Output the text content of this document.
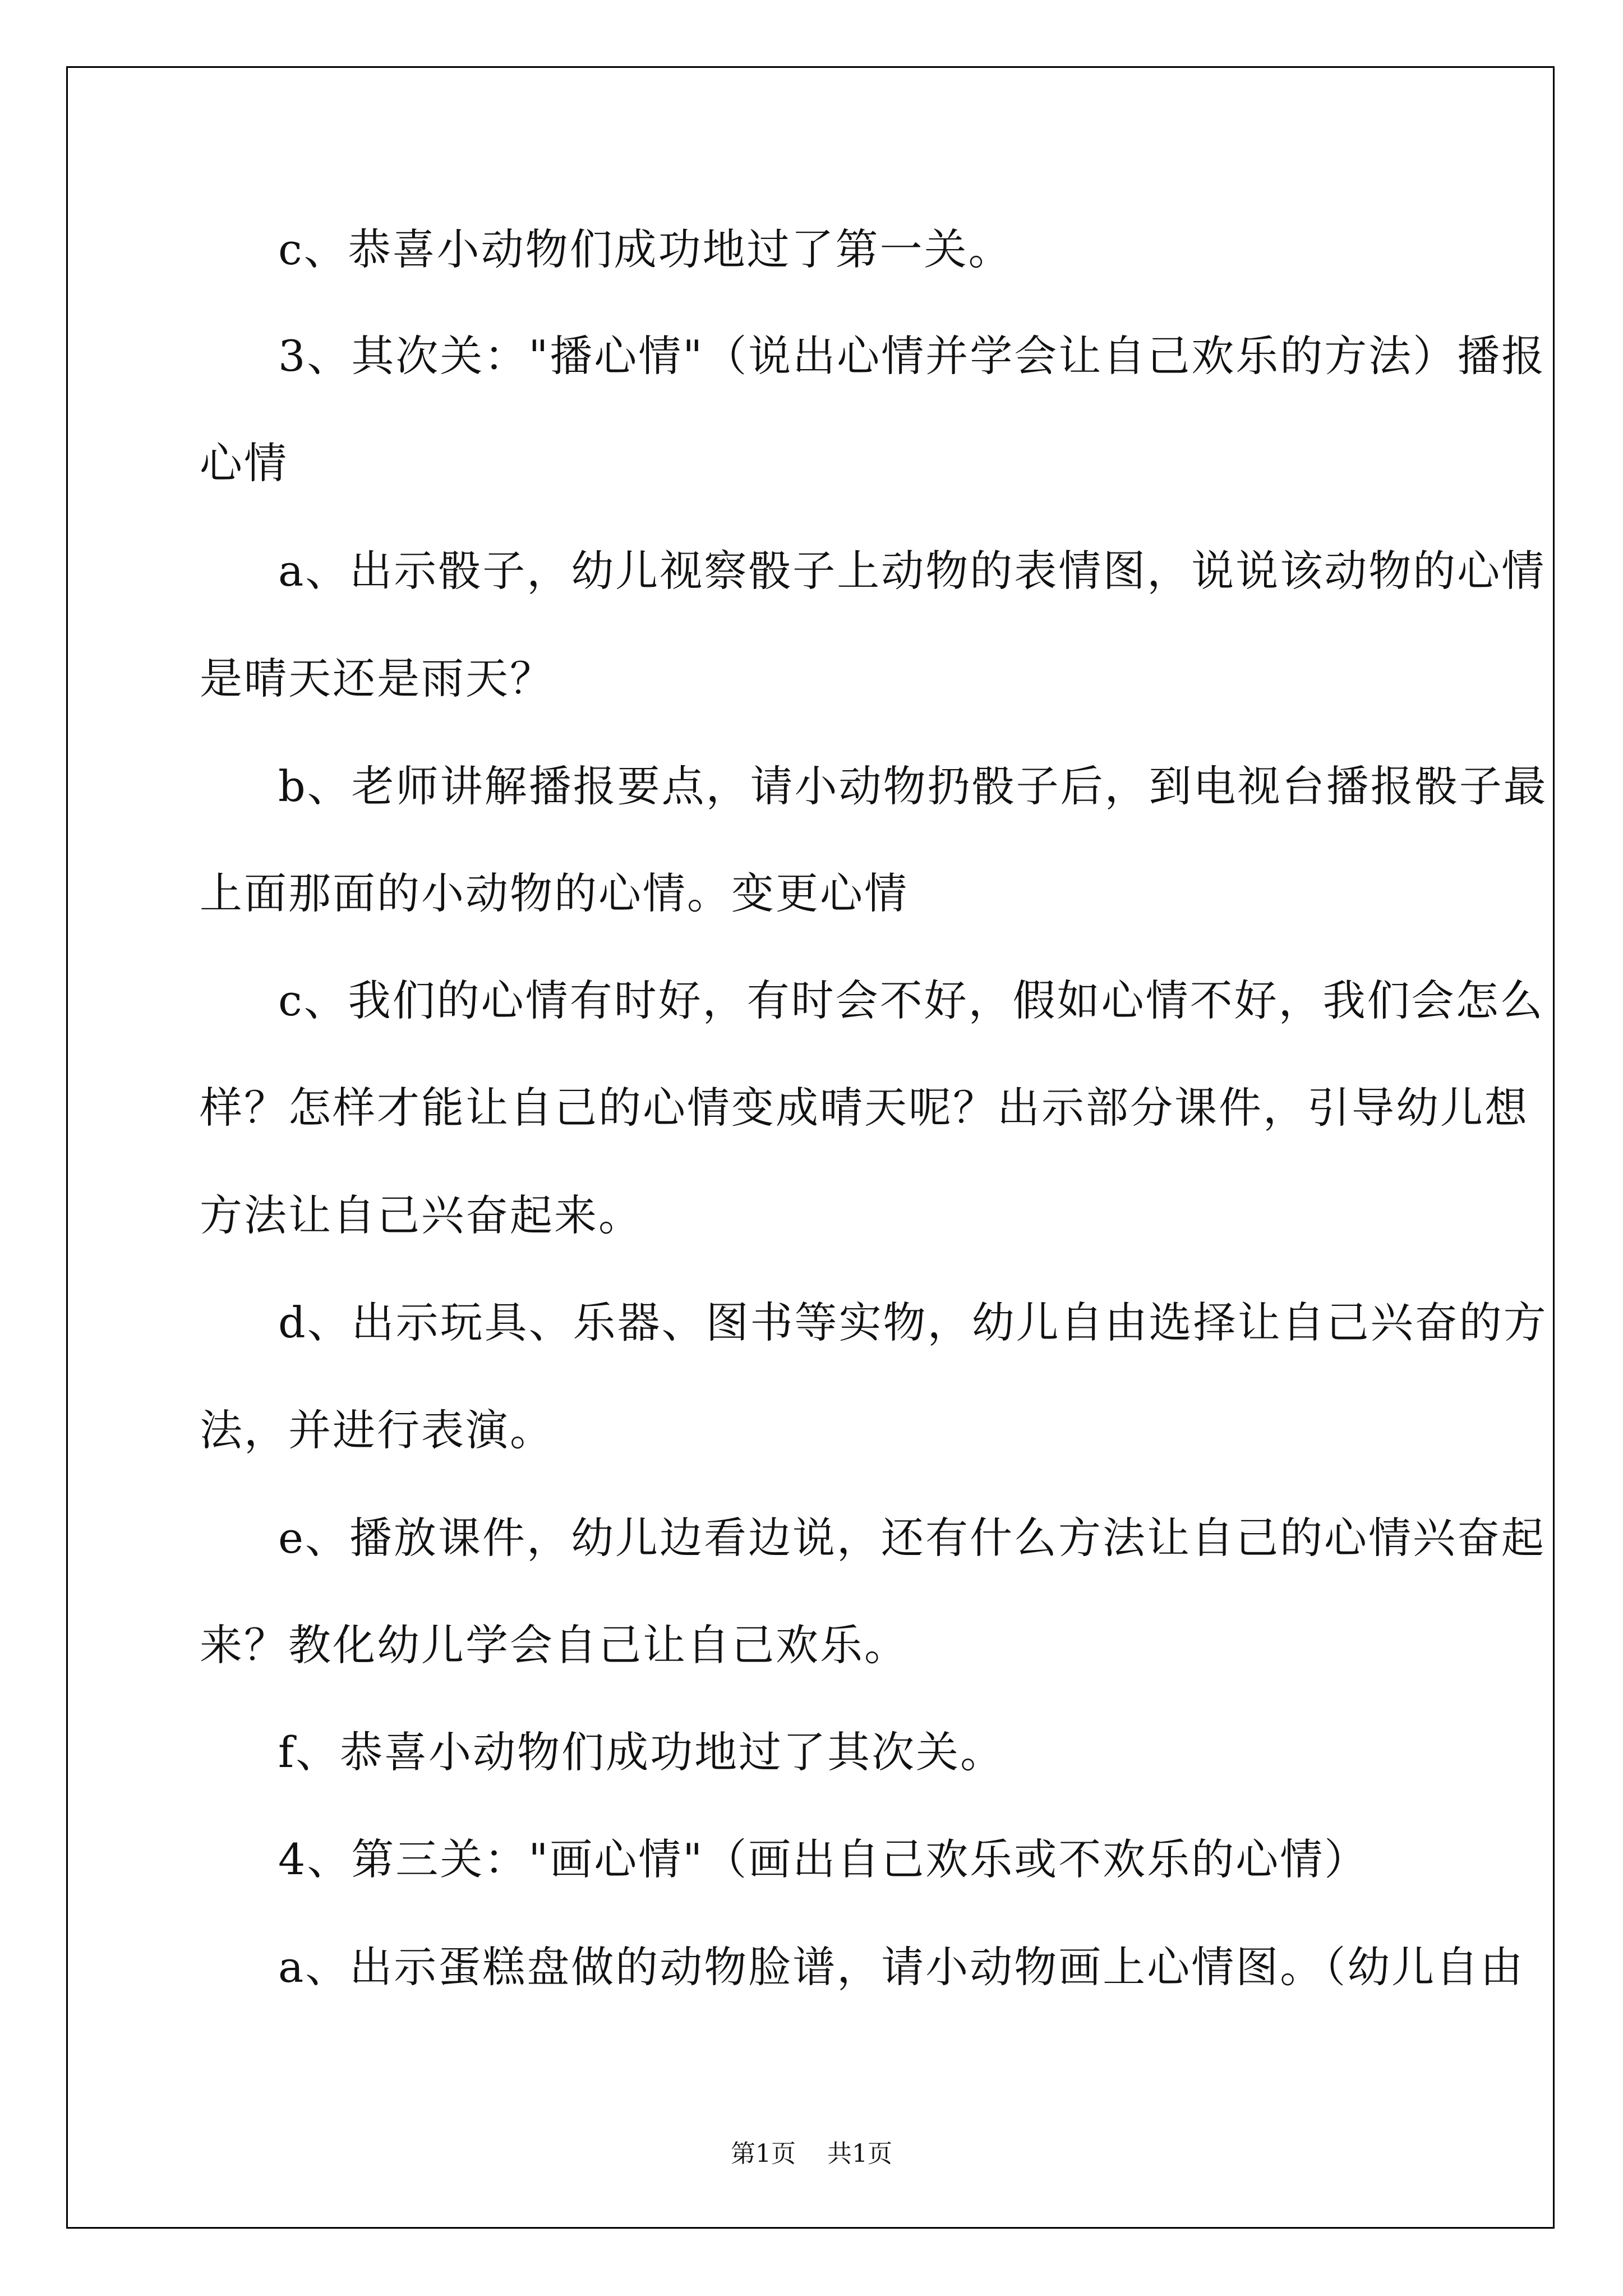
c、恭喜小动物们成功地过了第一关。
3、其次关："播心情"（说出心情并学会让自己欢乐的方法）播报
心情
a、出示骰子，幼儿视察骰子上动物的表情图，说说该动物的心情
是晴天还是雨天？
b、老师讲解播报要点，请小动物扔骰子后，到电视台播报骰子最
上面那面的小动物的心情。变更心情
c、我们的心情有时好，有时会不好，假如心情不好，我们会怎么
样？怎样才能让自己的心情变成晴天呢？出示部分课件，引导幼儿想
方法让自己兴奋起来。
d、出示玩具、乐器、图书等实物，幼儿自由选择让自己兴奋的方
法，并进行表演。
e、播放课件，幼儿边看边说，还有什么方法让自己的心情兴奋起
来？教化幼儿学会自己让自己欢乐。
f、恭喜小动物们成功地过了其次关。
4、第三关："画心情"（画出自己欢乐或不欢乐的心情）
a、出示蛋糕盘做的动物脸谱，请小动物画上心情图。（幼儿自由
第1页 共1页
